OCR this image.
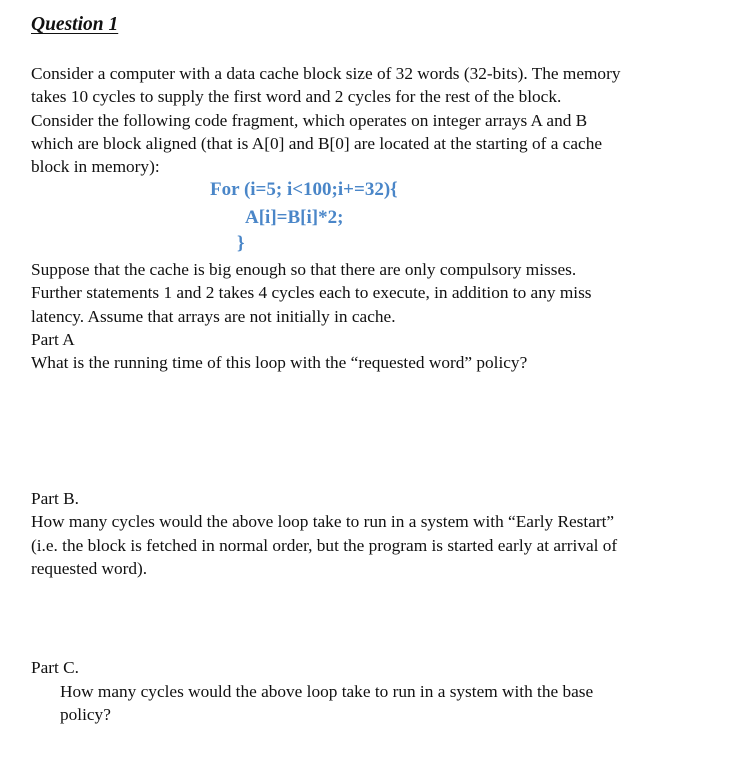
Question 1
Consider a computer with a data cache block size of 32 words (32-bits). The memory
takes 10 cycles to supply the first word and 2 cycles for the rest of the block.
Consider the following code fragment, which operates on integer arrays A and B
which are block aligned (that is A[0] and B[0] are located at the starting of a cache
block in memory):
For (i=5; i<100;i+=32){
A[i]=B[i]*2;
}
Suppose that the cache is big enough so that there are only compulsory misses.
Further statements 1 and 2 takes 4 cycles each to execute, in addition to any miss
latency. Assume that arrays are not initially in cache.
Part A
What is the running time of this loop with the “requested word” policy?
Part B.
How many cycles would the above loop take to run in a system with “Early Restart”
(i.e. the block is fetched in normal order, but the program is started early at arrival of
requested word).
Part C.
How many cycles would the above loop take to run in a system with the base
policy?
